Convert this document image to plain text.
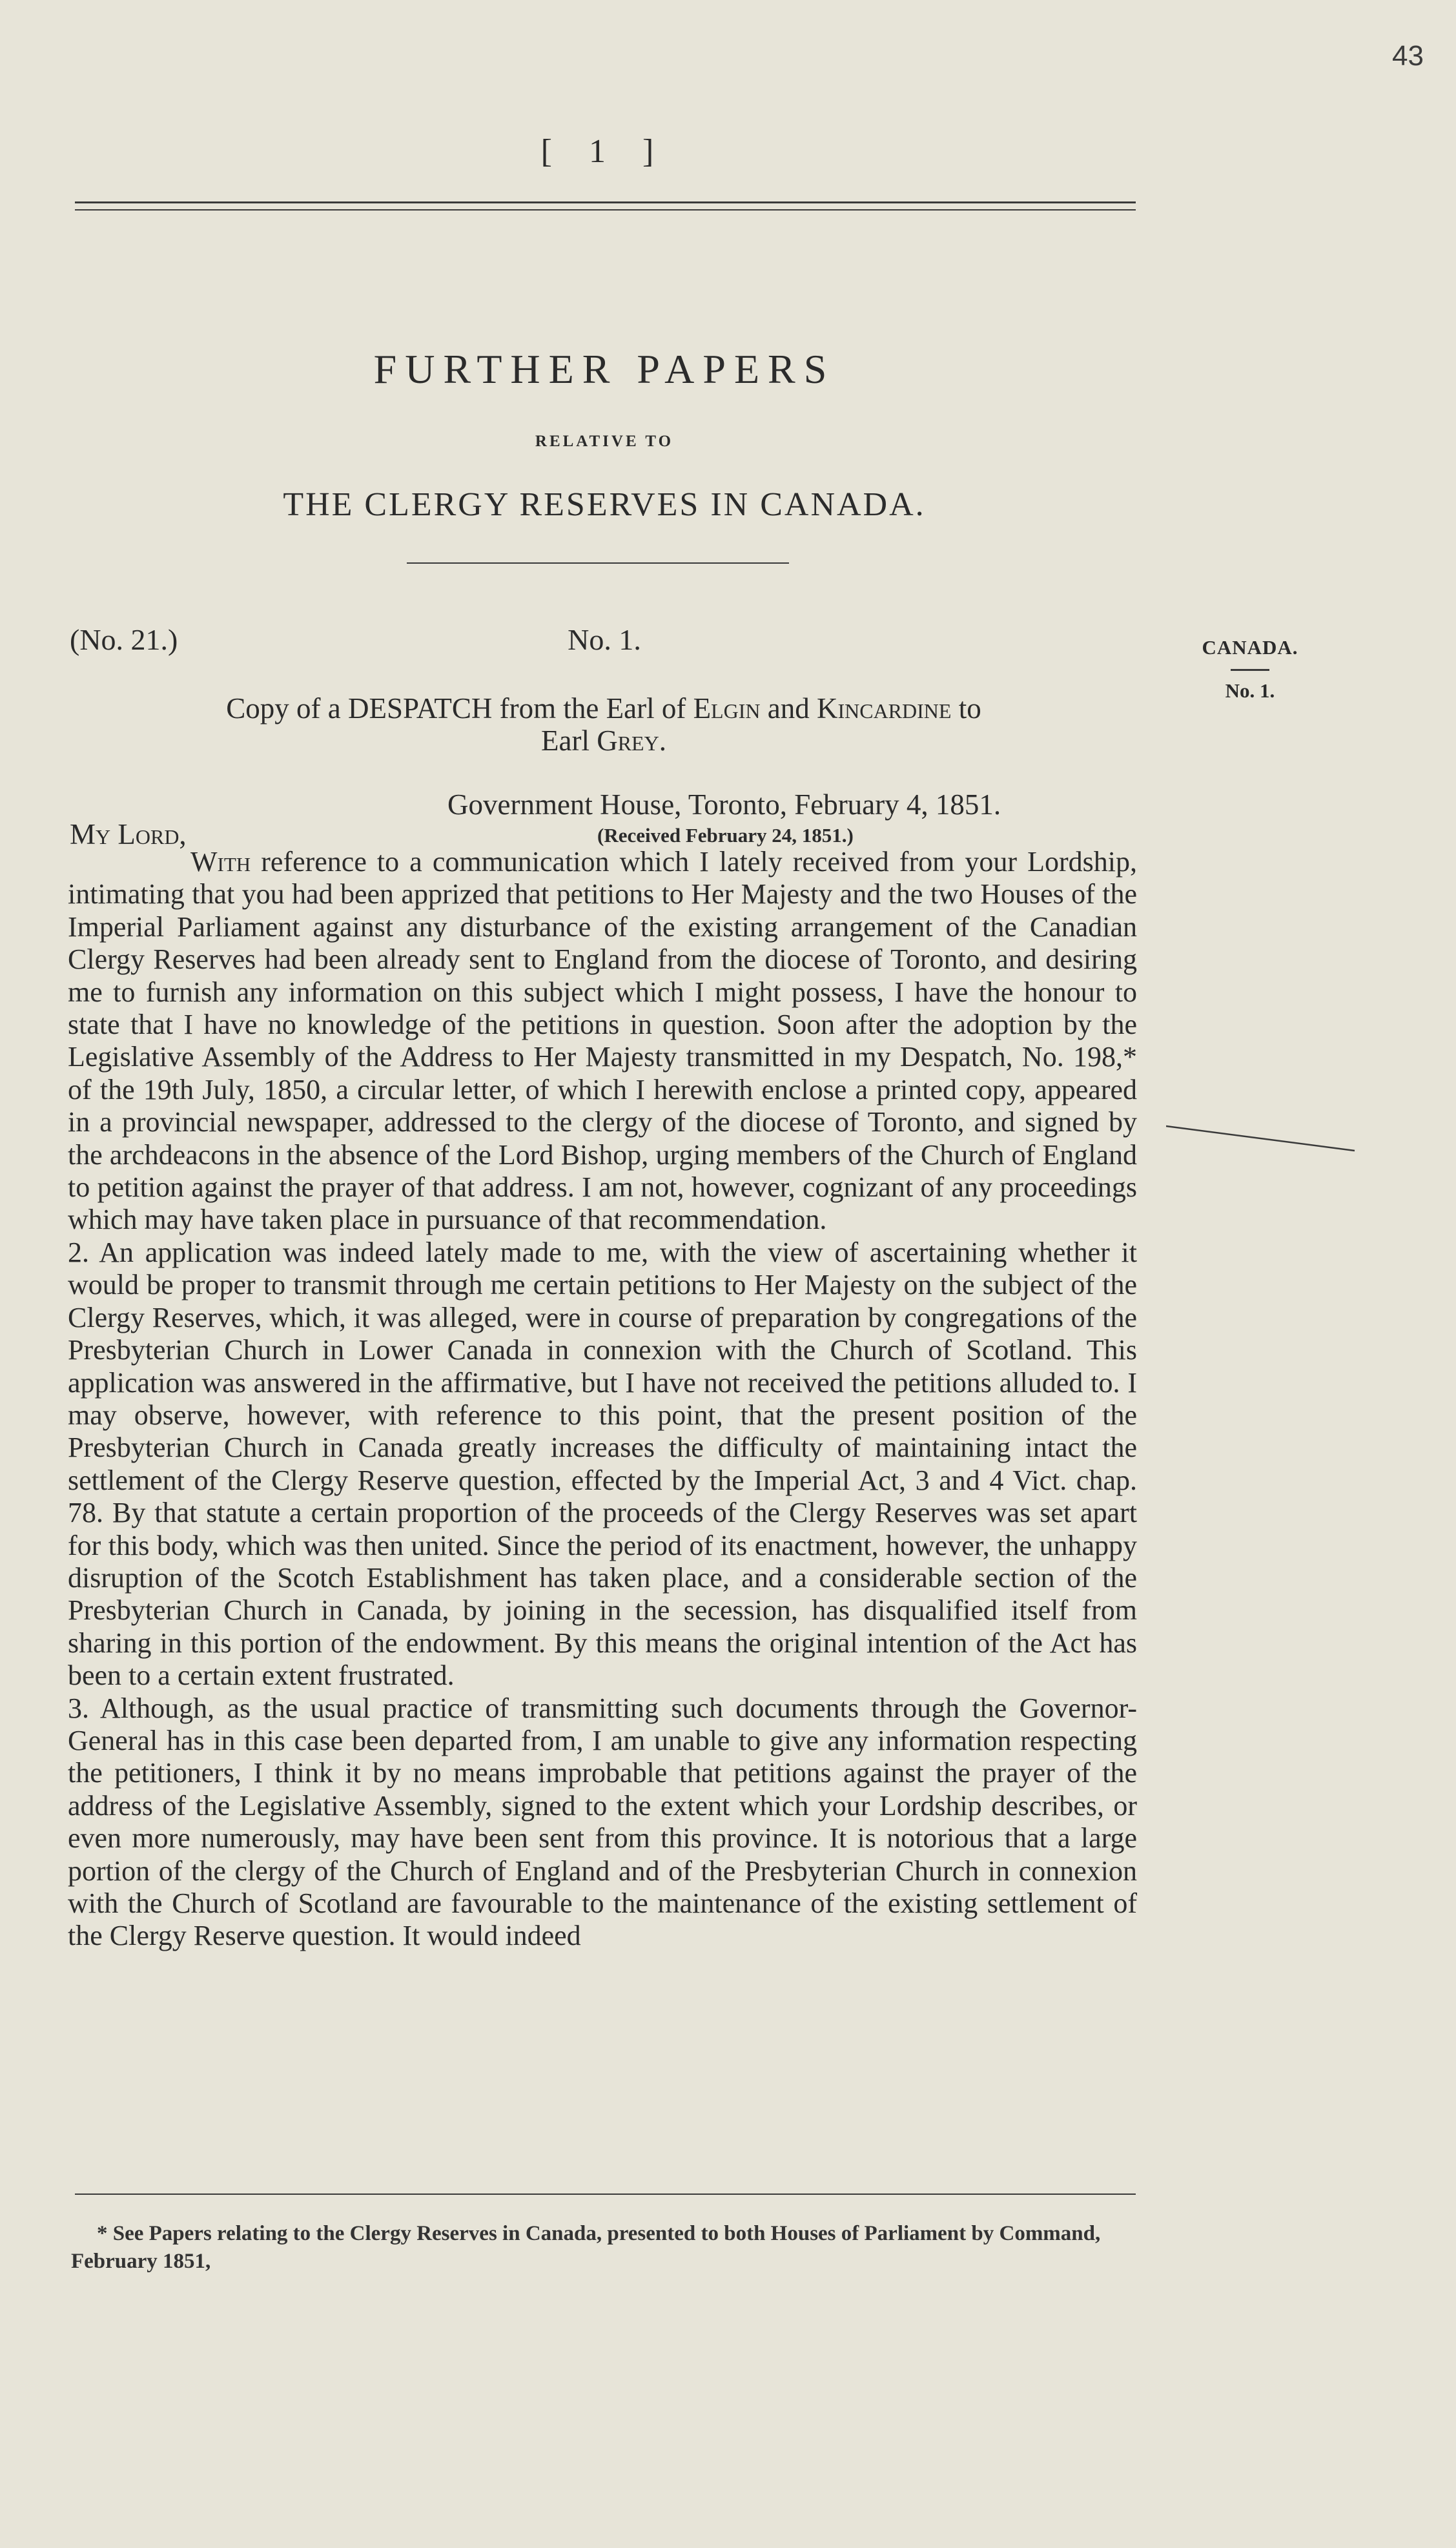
43
[ 1 ]
FURTHER PAPERS
RELATIVE TO
THE CLERGY RESERVES IN CANADA.
CANADA.
No. 1.
(No. 21.)	No. 1.
Copy of a DESPATCH from the Earl of Elgin and Kincardine to
Earl Grey.
Government House, Toronto, February 4, 1851.
My Lord,	(Received February 24, 1851.)

With reference to a communication which I lately received from your Lordship, intimating that you had been apprized that petitions to Her Majesty and the two Houses of the Imperial Parliament against any disturbance of the existing arrangement of the Canadian Clergy Reserves had been already sent to England from the diocese of Toronto, and desiring me to furnish any information on this subject which I might possess, I have the honour to state that I have no knowledge of the petitions in question. Soon after the adoption by the Legislative Assembly of the Address to Her Majesty transmitted in my Despatch, No. 198,* of the 19th July, 1850, a circular letter, of which I herewith enclose a printed copy, appeared in a provincial newspaper, addressed to the clergy of the diocese of Toronto, and signed by the archdeacons in the absence of the Lord Bishop, urging members of the Church of England to petition against the prayer of that address. I am not, however, cognizant of any proceedings which may have taken place in pursuance of that recommendation.

2. An application was indeed lately made to me, with the view of ascertaining whether it would be proper to transmit through me certain petitions to Her Majesty on the subject of the Clergy Reserves, which, it was alleged, were in course of preparation by congregations of the Presbyterian Church in Lower Canada in connexion with the Church of Scotland. This application was answered in the affirmative, but I have not received the petitions alluded to. I may observe, however, with reference to this point, that the present position of the Presbyterian Church in Canada greatly increases the difficulty of maintaining intact the settlement of the Clergy Reserve question, effected by the Imperial Act, 3 and 4 Vict. chap. 78. By that statute a certain proportion of the proceeds of the Clergy Reserves was set apart for this body, which was then united. Since the period of its enactment, however, the unhappy disruption of the Scotch Establishment has taken place, and a considerable section of the Presbyterian Church in Canada, by joining in the secession, has disqualified itself from sharing in this portion of the endowment. By this means the original intention of the Act has been to a certain extent frustrated.

3. Although, as the usual practice of transmitting such documents through the Governor-General has in this case been departed from, I am unable to give any information respecting the petitioners, I think it by no means improbable that petitions against the prayer of the address of the Legislative Assembly, signed to the extent which your Lordship describes, or even more numerously, may have been sent from this province. It is notorious that a large portion of the clergy of the Church of England and of the Presbyterian Church in connexion with the Church of Scotland are favourable to the maintenance of the existing settlement of the Clergy Reserve question. It would indeed

* See Papers relating to the Clergy Reserves in Canada, presented to both Houses of Parliament by Command, February 1851,
